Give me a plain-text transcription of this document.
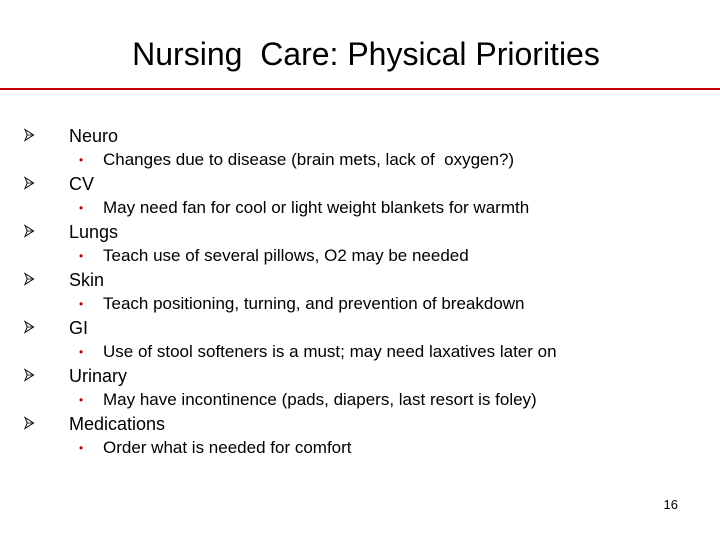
Nursing  Care: Physical Priorities
Neuro
• Changes due to disease (brain mets, lack of  oxygen?)
CV
• May need fan for cool or light weight blankets for warmth
Lungs
• Teach use of several pillows, O2 may be needed
Skin
• Teach positioning, turning, and prevention of breakdown
GI
• Use of stool softeners is a must; may need laxatives later on
Urinary
• May have incontinence (pads, diapers, last resort is foley)
Medications
• Order what is needed for comfort
16
